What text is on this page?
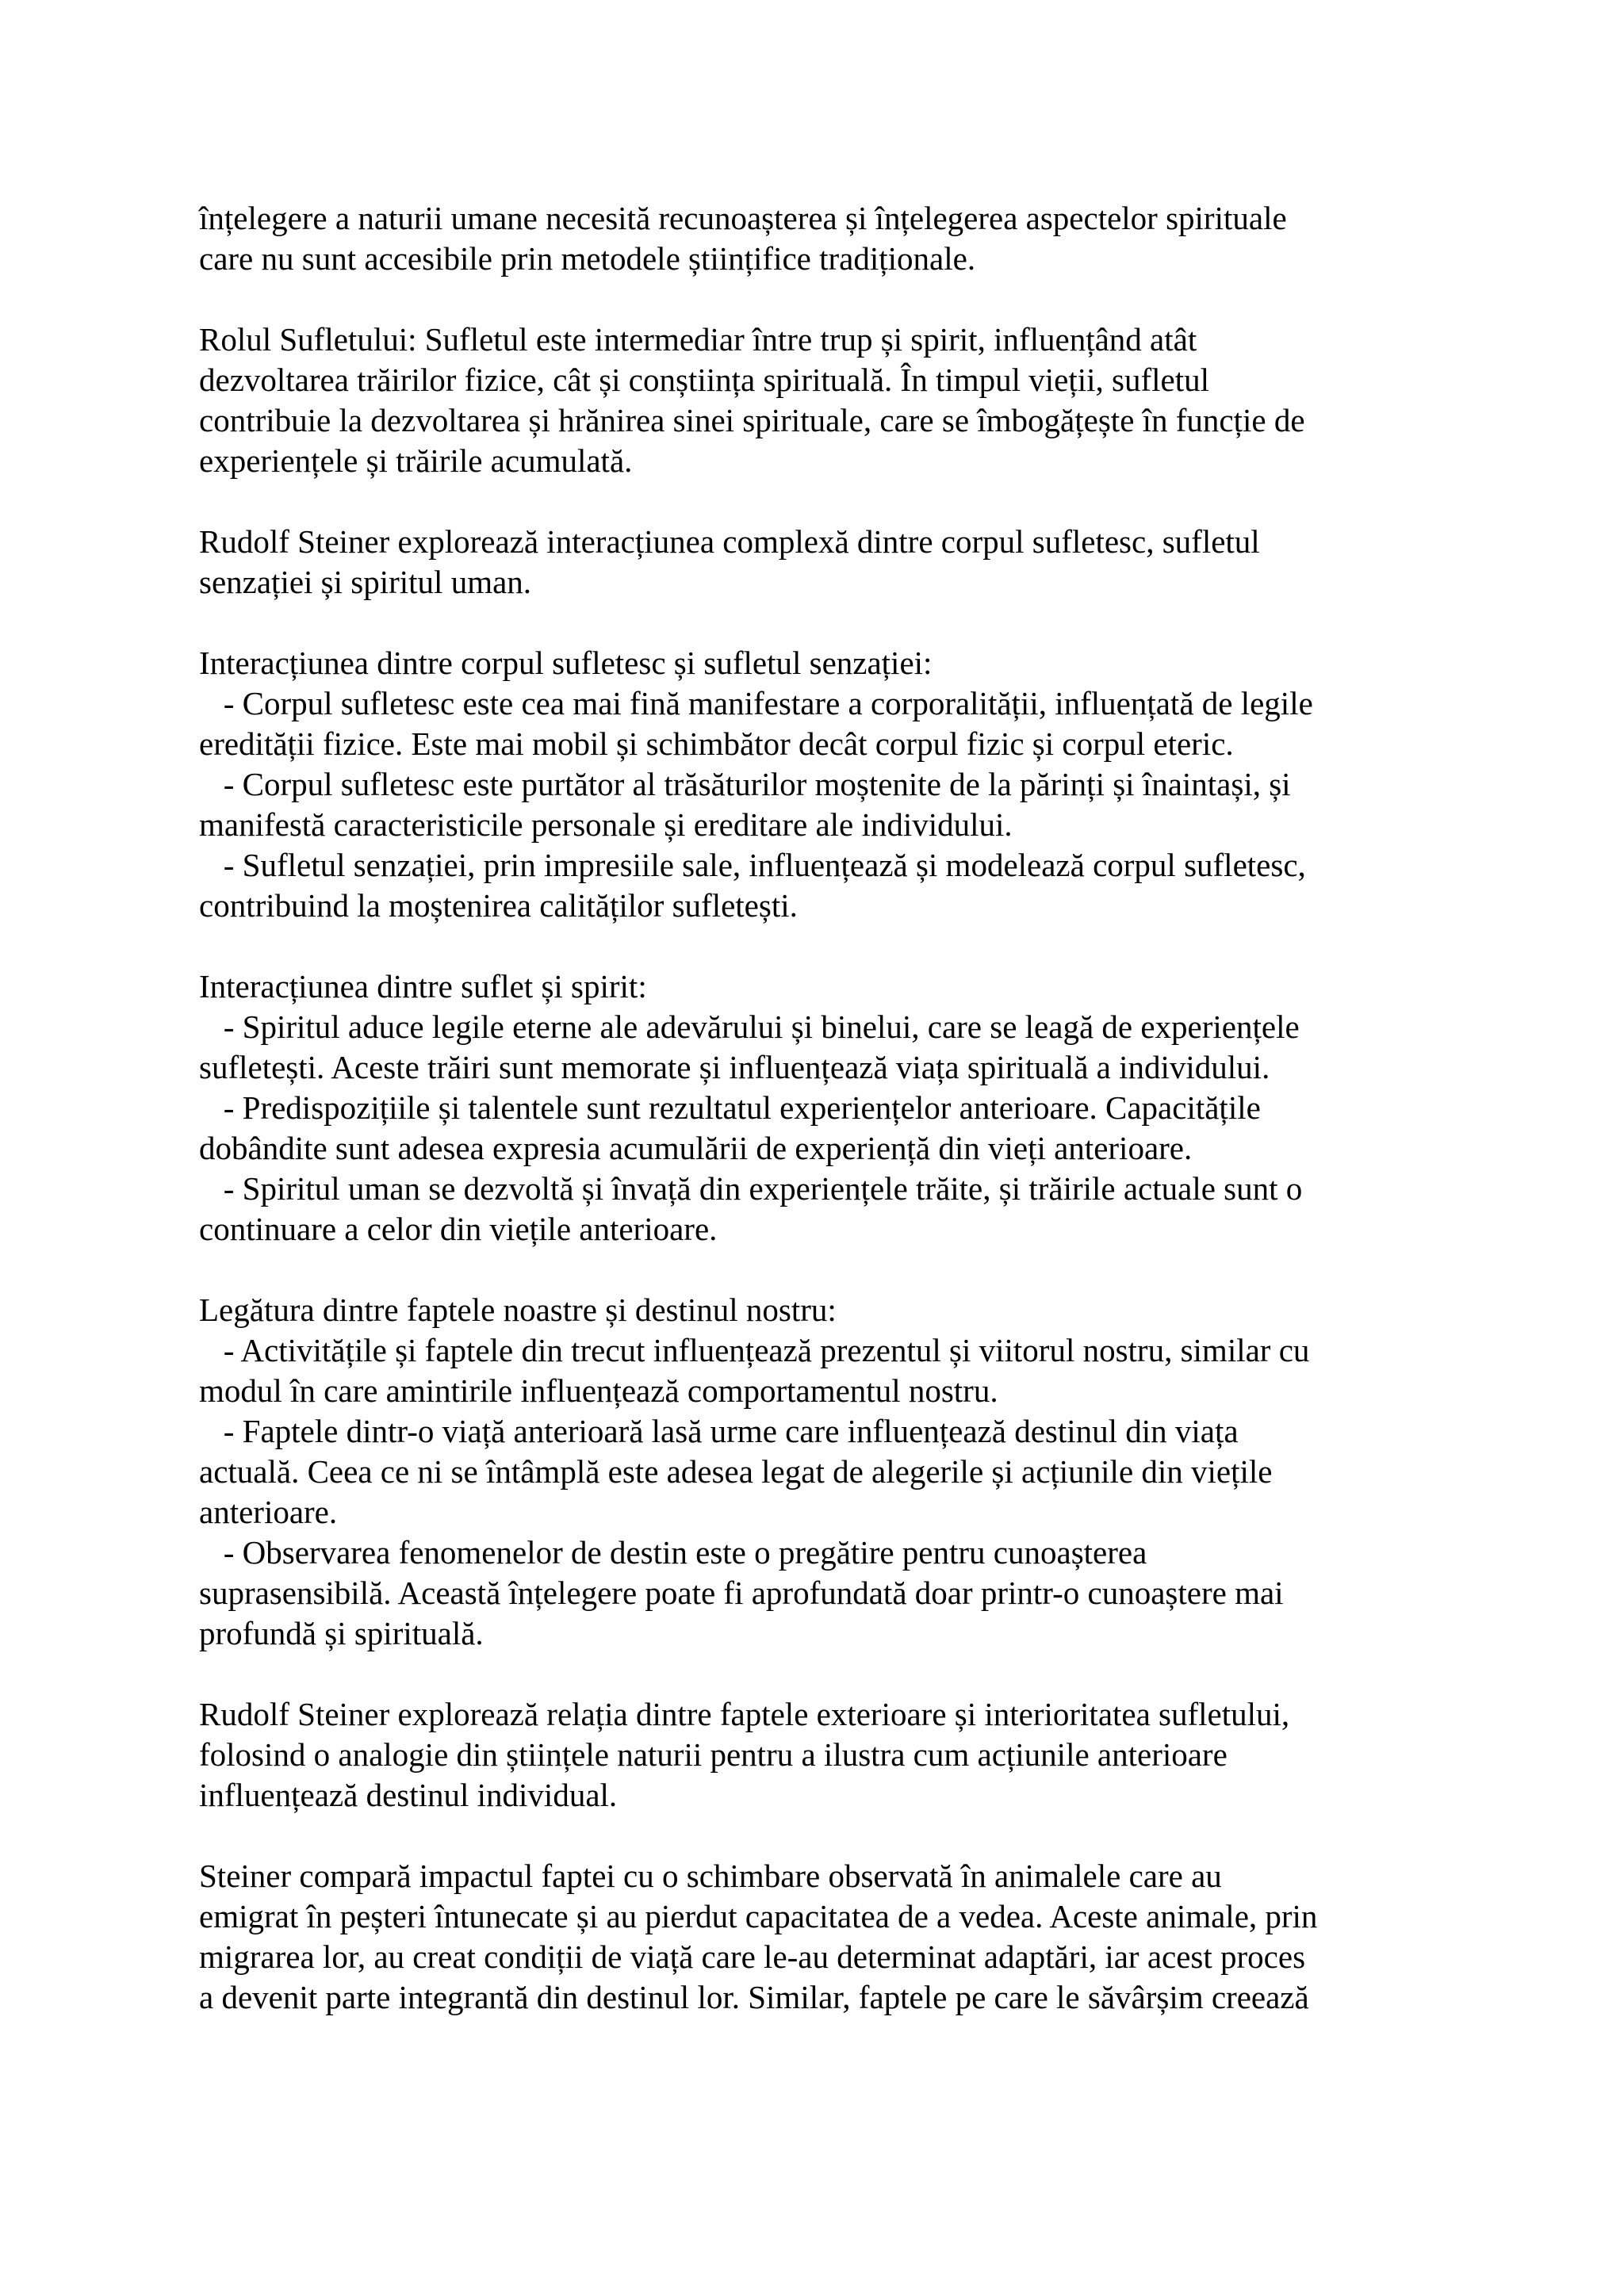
înțelegere a naturii umane necesită recunoașterea și înțelegerea aspectelor spirituale
care nu sunt accesibile prin metodele științifice tradiționale.
Rolul Sufletului: Sufletul este intermediar între trup și spirit, influențând atât
dezvoltarea trăirilor fizice, cât și conștiința spirituală. În timpul vieții, sufletul
contribuie la dezvoltarea și hrănirea sinei spirituale, care se îmbogățește în funcție de
experiențele și trăirile acumulată.
Rudolf Steiner explorează interacțiunea complexă dintre corpul sufletesc, sufletul
senzației și spiritul uman.
Interacțiunea dintre corpul sufletesc și sufletul senzației:
- Corpul sufletesc este cea mai fină manifestare a corporalității, influențată de legile
eredității fizice. Este mai mobil și schimbător decât corpul fizic și corpul eteric.
- Corpul sufletesc este purtător al trăsăturilor moștenite de la părinți și înaintași, și
manifestă caracteristicile personale și ereditare ale individului.
- Sufletul senzației, prin impresiile sale, influențează și modelează corpul sufletesc,
contribuind la moștenirea calităților sufletești.
Interacțiunea dintre suflet și spirit:
- Spiritul aduce legile eterne ale adevărului și binelui, care se leagă de experiențele
sufletești. Aceste trăiri sunt memorate și influențează viața spirituală a individului.
- Predispozițiile și talentele sunt rezultatul experiențelor anterioare. Capacitățile
dobândite sunt adesea expresia acumulării de experiență din vieți anterioare.
- Spiritul uman se dezvoltă și învață din experiențele trăite, și trăirile actuale sunt o
continuare a celor din viețile anterioare.
Legătura dintre faptele noastre și destinul nostru:
- Activitățile și faptele din trecut influențează prezentul și viitorul nostru, similar cu
modul în care amintirile influențează comportamentul nostru.
- Faptele dintr-o viață anterioară lasă urme care influențează destinul din viața
actuală. Ceea ce ni se întâmplă este adesea legat de alegerile și acțiunile din viețile
anterioare.
- Observarea fenomenelor de destin este o pregătire pentru cunoașterea
suprasensibilă. Această înțelegere poate fi aprofundată doar printr-o cunoaștere mai
profundă și spirituală.
Rudolf Steiner explorează relația dintre faptele exterioare și interioritatea sufletului,
folosind o analogie din științele naturii pentru a ilustra cum acțiunile anterioare
influențează destinul individual.
Steiner compară impactul faptei cu o schimbare observată în animalele care au
emigrat în peșteri întunecate și au pierdut capacitatea de a vedea. Aceste animale, prin
migrarea lor, au creat condiții de viață care le-au determinat adaptări, iar acest proces
a devenit parte integrantă din destinul lor. Similar, faptele pe care le săvârșim creează
